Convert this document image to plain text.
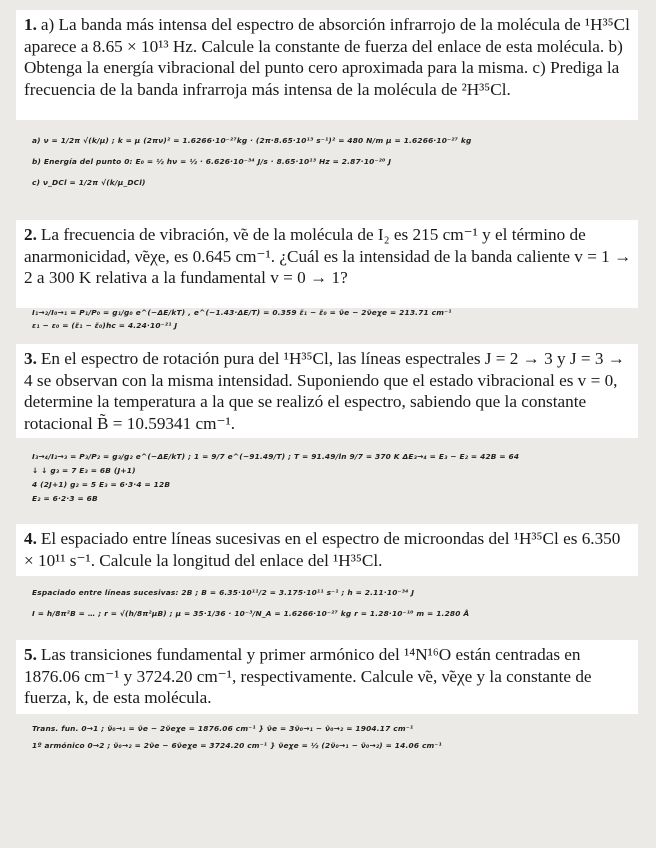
1. a) La banda más intensa del espectro de absorción infrarrojo de la molécula de ¹H³⁵Cl aparece a 8.65 × 10¹³ Hz. Calcule la constante de fuerza del enlace de esta molécula. b) Obtenga la energía vibracional del punto cero aproximada para la misma. c) Prediga la frecuencia de la banda infrarroja más intensa de la molécula de ²H³⁵Cl.
a) ν = 1/2π √(k/μ) ; k = μ (2πν)² = 1.6266·10⁻²⁷kg · (2π·8.65·10¹³ s⁻¹)² = 480 N/m μ = 1.6266·10⁻²⁷ kg
b) Energía del punto 0: E₀ = ½ hν = ½ · 6.626·10⁻³⁴ J/s · 8.65·10¹³ Hz = 2.87·10⁻²⁰ J
c) ν_DCl = 1/2π √(k/μ_DCl)
2. La frecuencia de vibración, ν̃e de la molécula de I₂ es 215 cm⁻¹ y el término de anarmonicidad, ν̃eχe, es 0.645 cm⁻¹. ¿Cuál es la intensidad de la banda caliente v = 1 → 2 a 300 K relativa a la fundamental v = 0 → 1?
I₁→₂/I₀→₁ = P₁/P₀ = g₁/g₀ e^(−ΔE/kT) , e^(−1.43·ΔE/T) = 0.359 ε̃₁ − ε̃₀ = ν̃e − 2ν̃eχe = 213.71 cm⁻¹
ε₁ − ε₀ = (ε̃₁ − ε̃₀)hc = 4.24·10⁻²¹ J
3. En el espectro de rotación pura del ¹H³⁵Cl, las líneas espectrales J = 2 → 3 y J = 3 → 4 se observan con la misma intensidad. Suponiendo que el estado vibracional es v = 0, determine la temperatura a la que se realizó el espectro, sabiendo que la constante rotacional B̃ = 10.59341 cm⁻¹.
I₃→₄/I₂→₃ = P₃/P₂ = g₃/g₂ e^(−ΔE/kT) ; 1 = 9/7 e^(−91.49/T) ; T = 91.49/ln 9/7 = 370 K ΔE₃→₄ = E₃ − E₂ = 42B = 64
↓ ↓ g₃ = 7 E₃ = 6B (J+1)
4 (2J+1) g₂ = 5 E₃ = 6·3·4 = 12B
E₂ = 6·2·3 = 6B
4. El espaciado entre líneas sucesivas en el espectro de microondas del ¹H³⁵Cl es 6.350 × 10¹¹ s⁻¹. Calcule la longitud del enlace del ¹H³⁵Cl.
Espaciado entre líneas sucesivas: 2B ; B = 6.35·10¹¹/2 = 3.175·10¹¹ s⁻¹ ; h = 2.11·10⁻³⁴ J
I = h/8π²B = … ; r = √(h/8π²μB) ; μ = 35·1/36 · 10⁻³/N_A = 1.6266·10⁻²⁷ kg r = 1.28·10⁻¹⁰ m = 1.280 Å
5. Las transiciones fundamental y primer armónico del ¹⁴N¹⁶O están centradas en 1876.06 cm⁻¹ y 3724.20 cm⁻¹, respectivamente. Calcule ν̃e, ν̃eχe y la constante de fuerza, k, de esta molécula.
Trans. fun. 0→1 ; ν̃₀→₁ = ν̃e − 2ν̃eχe = 1876.06 cm⁻¹ } ν̃e = 3ν̃₀→₁ − ν̃₀→₂ = 1904.17 cm⁻¹
1º armónico 0→2 ; ν̃₀→₂ = 2ν̃e − 6ν̃eχe = 3724.20 cm⁻¹ } ν̃eχe = ½ (2ν̃₀→₁ − ν̃₀→₂) = 14.06 cm⁻¹
